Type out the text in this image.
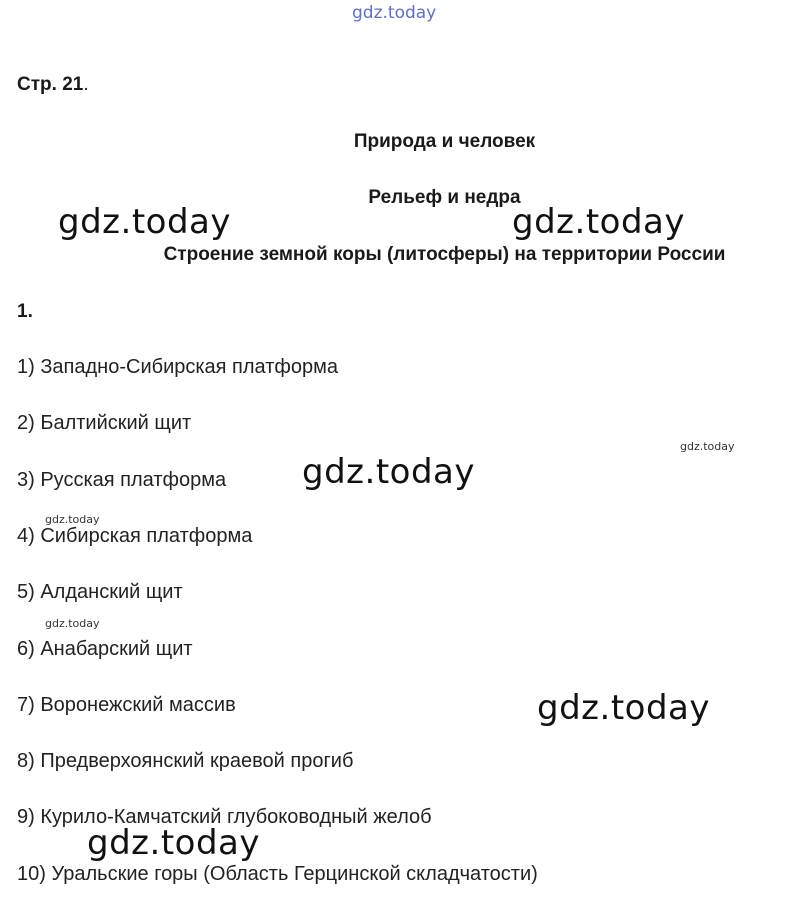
gdz.today
Стр. 21.
Природа и человек
Рельеф и недра
Строение земной коры (литосферы) на территории России
1.
1) Западно-Сибирская платформа
2) Балтийский щит
3) Русская платформа
4) Сибирская платформа
5) Алданский щит
6) Анабарский щит
7) Воронежский массив
8) Предверхоянский краевой прогиб
9) Курило-Камчатский глубоководный желоб
10) Уральские горы (Область Герцинской складчатости)
gdz.today	gdz.today
gdz.today
gdz.today
gdz.today
gdz.today
gdz.today
gdz.today
